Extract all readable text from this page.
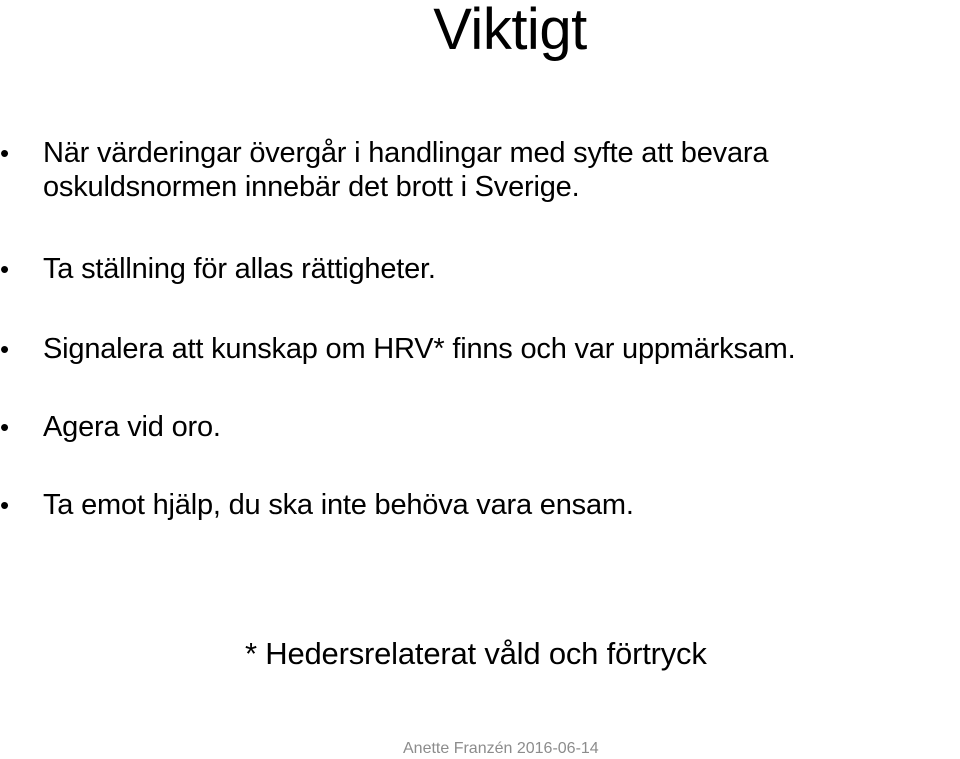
Viktigt
• När värderingar övergår i handlingar med syfte att bevara oskuldsnormen innebär det brott i Sverige.
• Ta ställning för allas rättigheter.
• Signalera att kunskap om HRV* finns och var uppmärksam.
• Agera vid oro.
• Ta emot hjälp, du ska inte behöva vara ensam.
* Hedersrelaterat våld och förtryck
Anette Franzén 2016-06-14
